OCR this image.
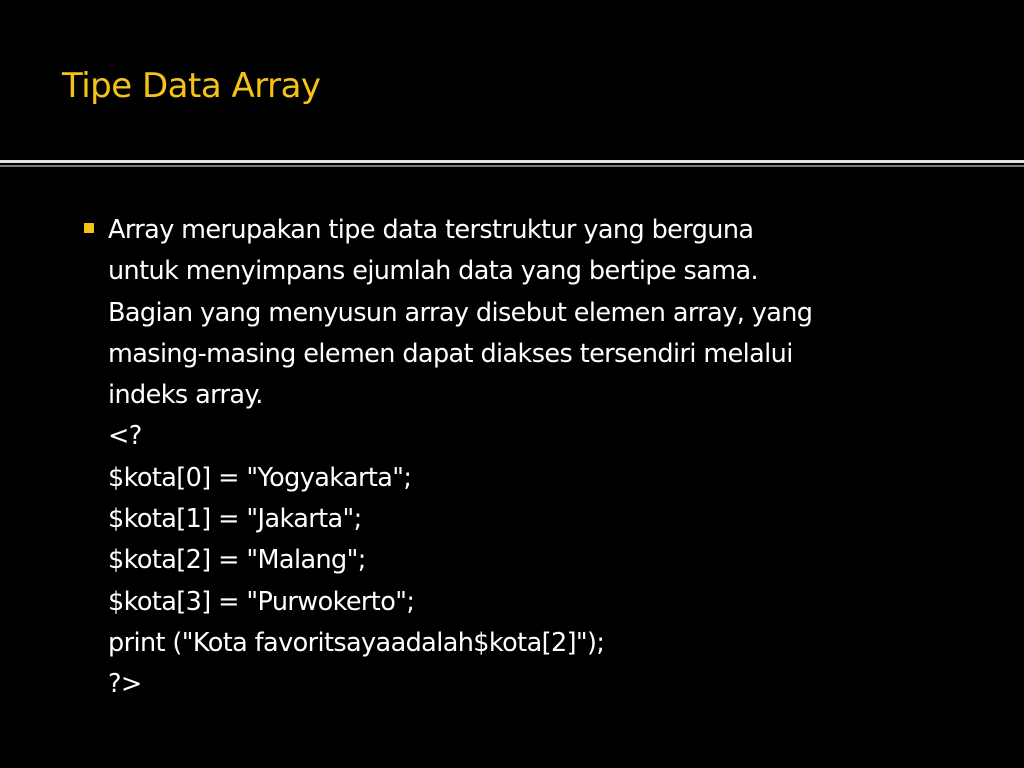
Tipe Data Array
Array merupakan tipe data terstruktur yang berguna
untuk menyimpans ejumlah data yang bertipe sama.
Bagian yang menyusun array disebut elemen array, yang
masing-masing elemen dapat diakses tersendiri melalui
indeks array.
<?
$kota[0] = "Yogyakarta";
$kota[1] = "Jakarta";
$kota[2] = "Malang";
$kota[3] = "Purwokerto";
print ("Kota favoritsayaadalah$kota[2]");
?>
